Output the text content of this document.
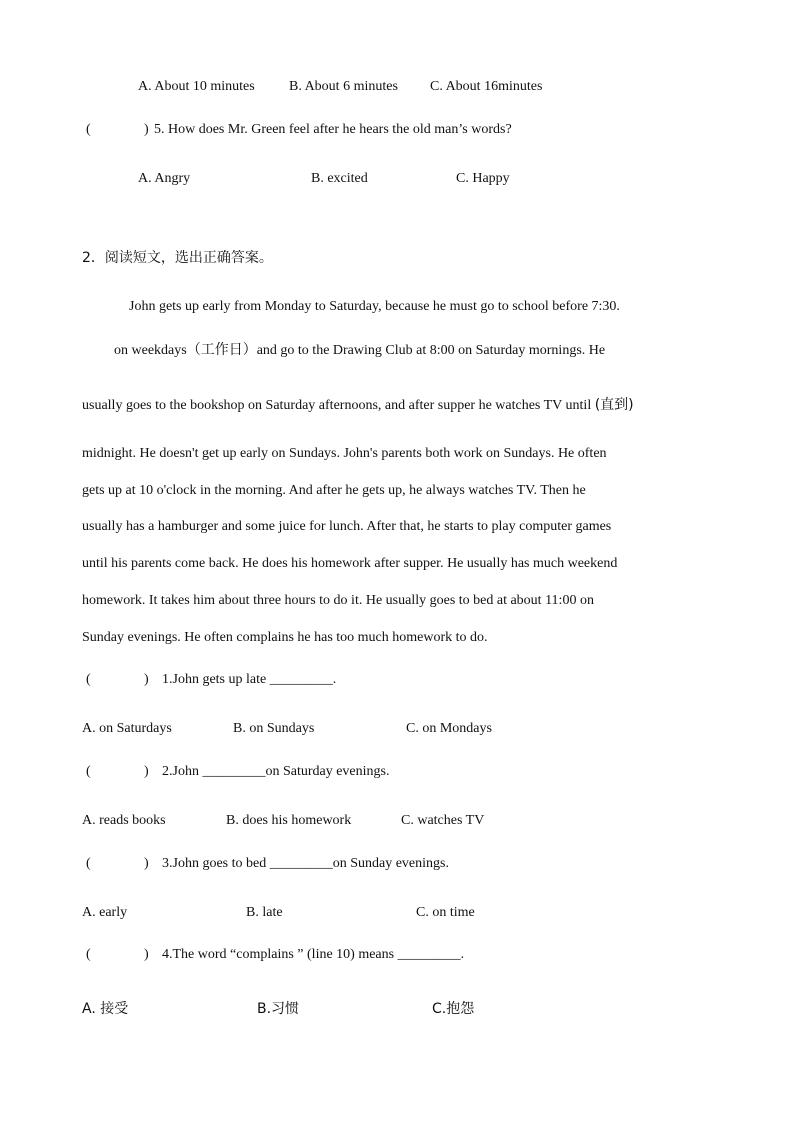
A. About 10 minutes B. About 6 minutes C. About 16minutes
(	) 5. How does Mr. Green feel after he hears the old man’s words?
A. Angry	B. excited	C. Happy
2．阅读短文，选出正确答案。
John gets up early from Monday to Saturday, because he must go to school before 7:30.
on weekdays（工作日）and go to the Drawing Club at 8:00 on Saturday mornings. He
usually goes to the bookshop on Saturday afternoons, and after supper he watches TV until (直到)
midnight. He doesn't get up early on Sundays. John's parents both work on Sundays. He often
gets up at 10 o'clock in the morning. And after he gets up, he always watches TV. Then he
usually has a hamburger and some juice for lunch. After that, he starts to play computer games
until his parents come back. He does his homework after supper. He usually has much weekend
homework. It takes him about three hours to do it. He usually goes to bed at about 11:00 on
Sunday evenings. He often complains he has too much homework to do.
(	) 1.John gets up late _________.
A. on Saturdays	B. on Sundays	C. on Mondays
(	) 2.John _________on Saturday evenings.
A. reads books	B. does his homework	C. watches TV
(	) 3.John goes to bed _________on Sunday evenings.
A. early	B. late	C. on time
(	) 4.The word “complains ” (line 10) means _________.
A. 接受	B.习惯	C.抱怨
